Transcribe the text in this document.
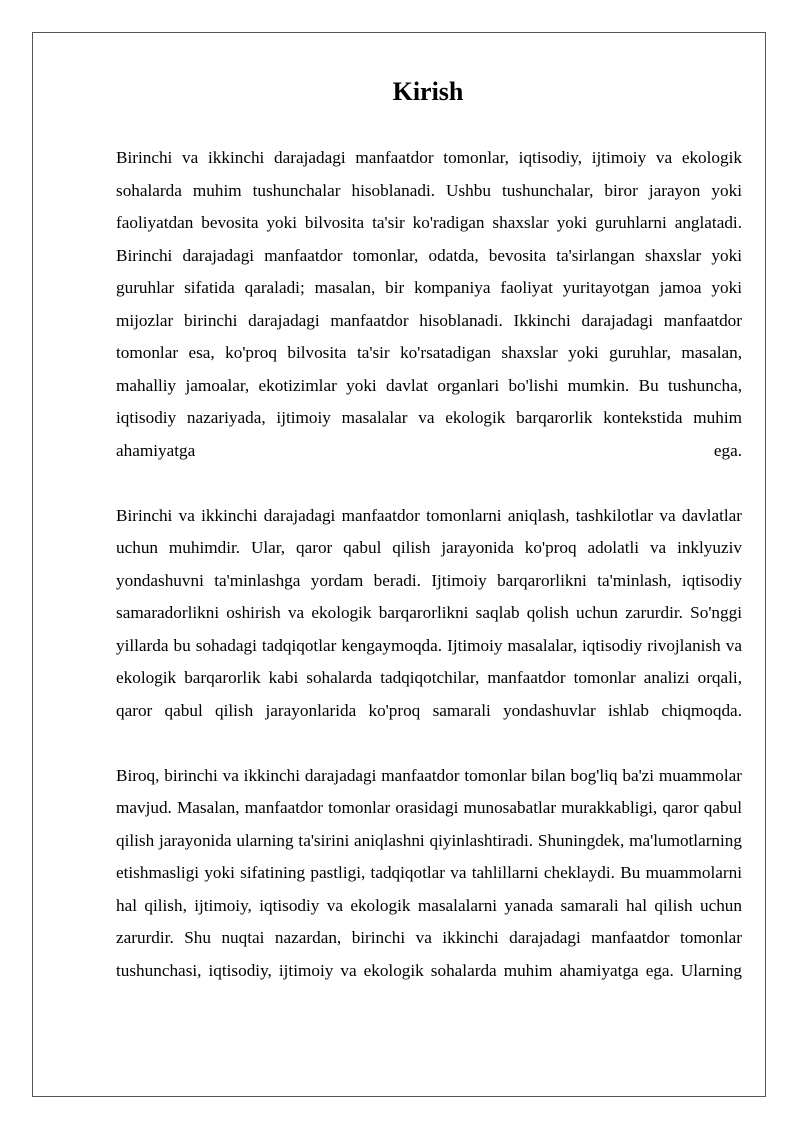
Kirish

Birinchi va ikkinchi darajadagi manfaatdor tomonlar, iqtisodiy, ijtimoiy va ekologik sohalarda muhim tushunchalar hisoblanadi. Ushbu tushunchalar, biror jarayon yoki faoliyatdan bevosita yoki bilvosita ta'sir ko'radigan shaxslar yoki guruhlarni anglatadi. Birinchi darajadagi manfaatdor tomonlar, odatda, bevosita ta'sirlangan shaxslar yoki guruhlar sifatida qaraladi; masalan, bir kompaniya faoliyat yuritayotgan jamoa yoki mijozlar birinchi darajadagi manfaatdor hisoblanadi. Ikkinchi darajadagi manfaatdor tomonlar esa, ko'proq bilvosita ta'sir ko'rsatadigan shaxslar yoki guruhlar, masalan, mahalliy jamoalar, ekotizimlar yoki davlat organlari bo'lishi mumkin. Bu tushuncha, iqtisodiy nazariyada, ijtimoiy masalalar va ekologik barqarorlik kontekstida muhim ahamiyatga ega.

Birinchi va ikkinchi darajadagi manfaatdor tomonlarni aniqlash, tashkilotlar va davlatlar uchun muhimdir. Ular, qaror qabul qilish jarayonida ko'proq adolatli va inklyuziv yondashuvni ta'minlashga yordam beradi. Ijtimoiy barqarorlikni ta'minlash, iqtisodiy samaradorlikni oshirish va ekologik barqarorlikni saqlab qolish uchun zarurdir. So'nggi yillarda bu sohadagi tadqiqotlar kengaymoqda. Ijtimoiy masalalar, iqtisodiy rivojlanish va ekologik barqarorlik kabi sohalarda tadqiqotchilar, manfaatdor tomonlar analizi orqali, qaror qabul qilish jarayonlarida ko'proq samarali yondashuvlar ishlab chiqmoqda.

Biroq, birinchi va ikkinchi darajadagi manfaatdor tomonlar bilan bog'liq ba'zi muammolar mavjud. Masalan, manfaatdor tomonlar orasidagi munosabatlar murakkabligi, qaror qabul qilish jarayonida ularning ta'sirini aniqlashni qiyinlashtiradi. Shuningdek, ma'lumotlarning etishmasligi yoki sifatining pastligi, tadqiqotlar va tahlillarni cheklaydi. Bu muammolarni hal qilish, ijtimoiy, iqtisodiy va ekologik masalalarni yanada samarali hal qilish uchun zarurdir. Shu nuqtai nazardan, birinchi va ikkinchi darajadagi manfaatdor tomonlar tushunchasi, iqtisodiy, ijtimoiy va ekologik sohalarda muhim ahamiyatga ega. Ularning
